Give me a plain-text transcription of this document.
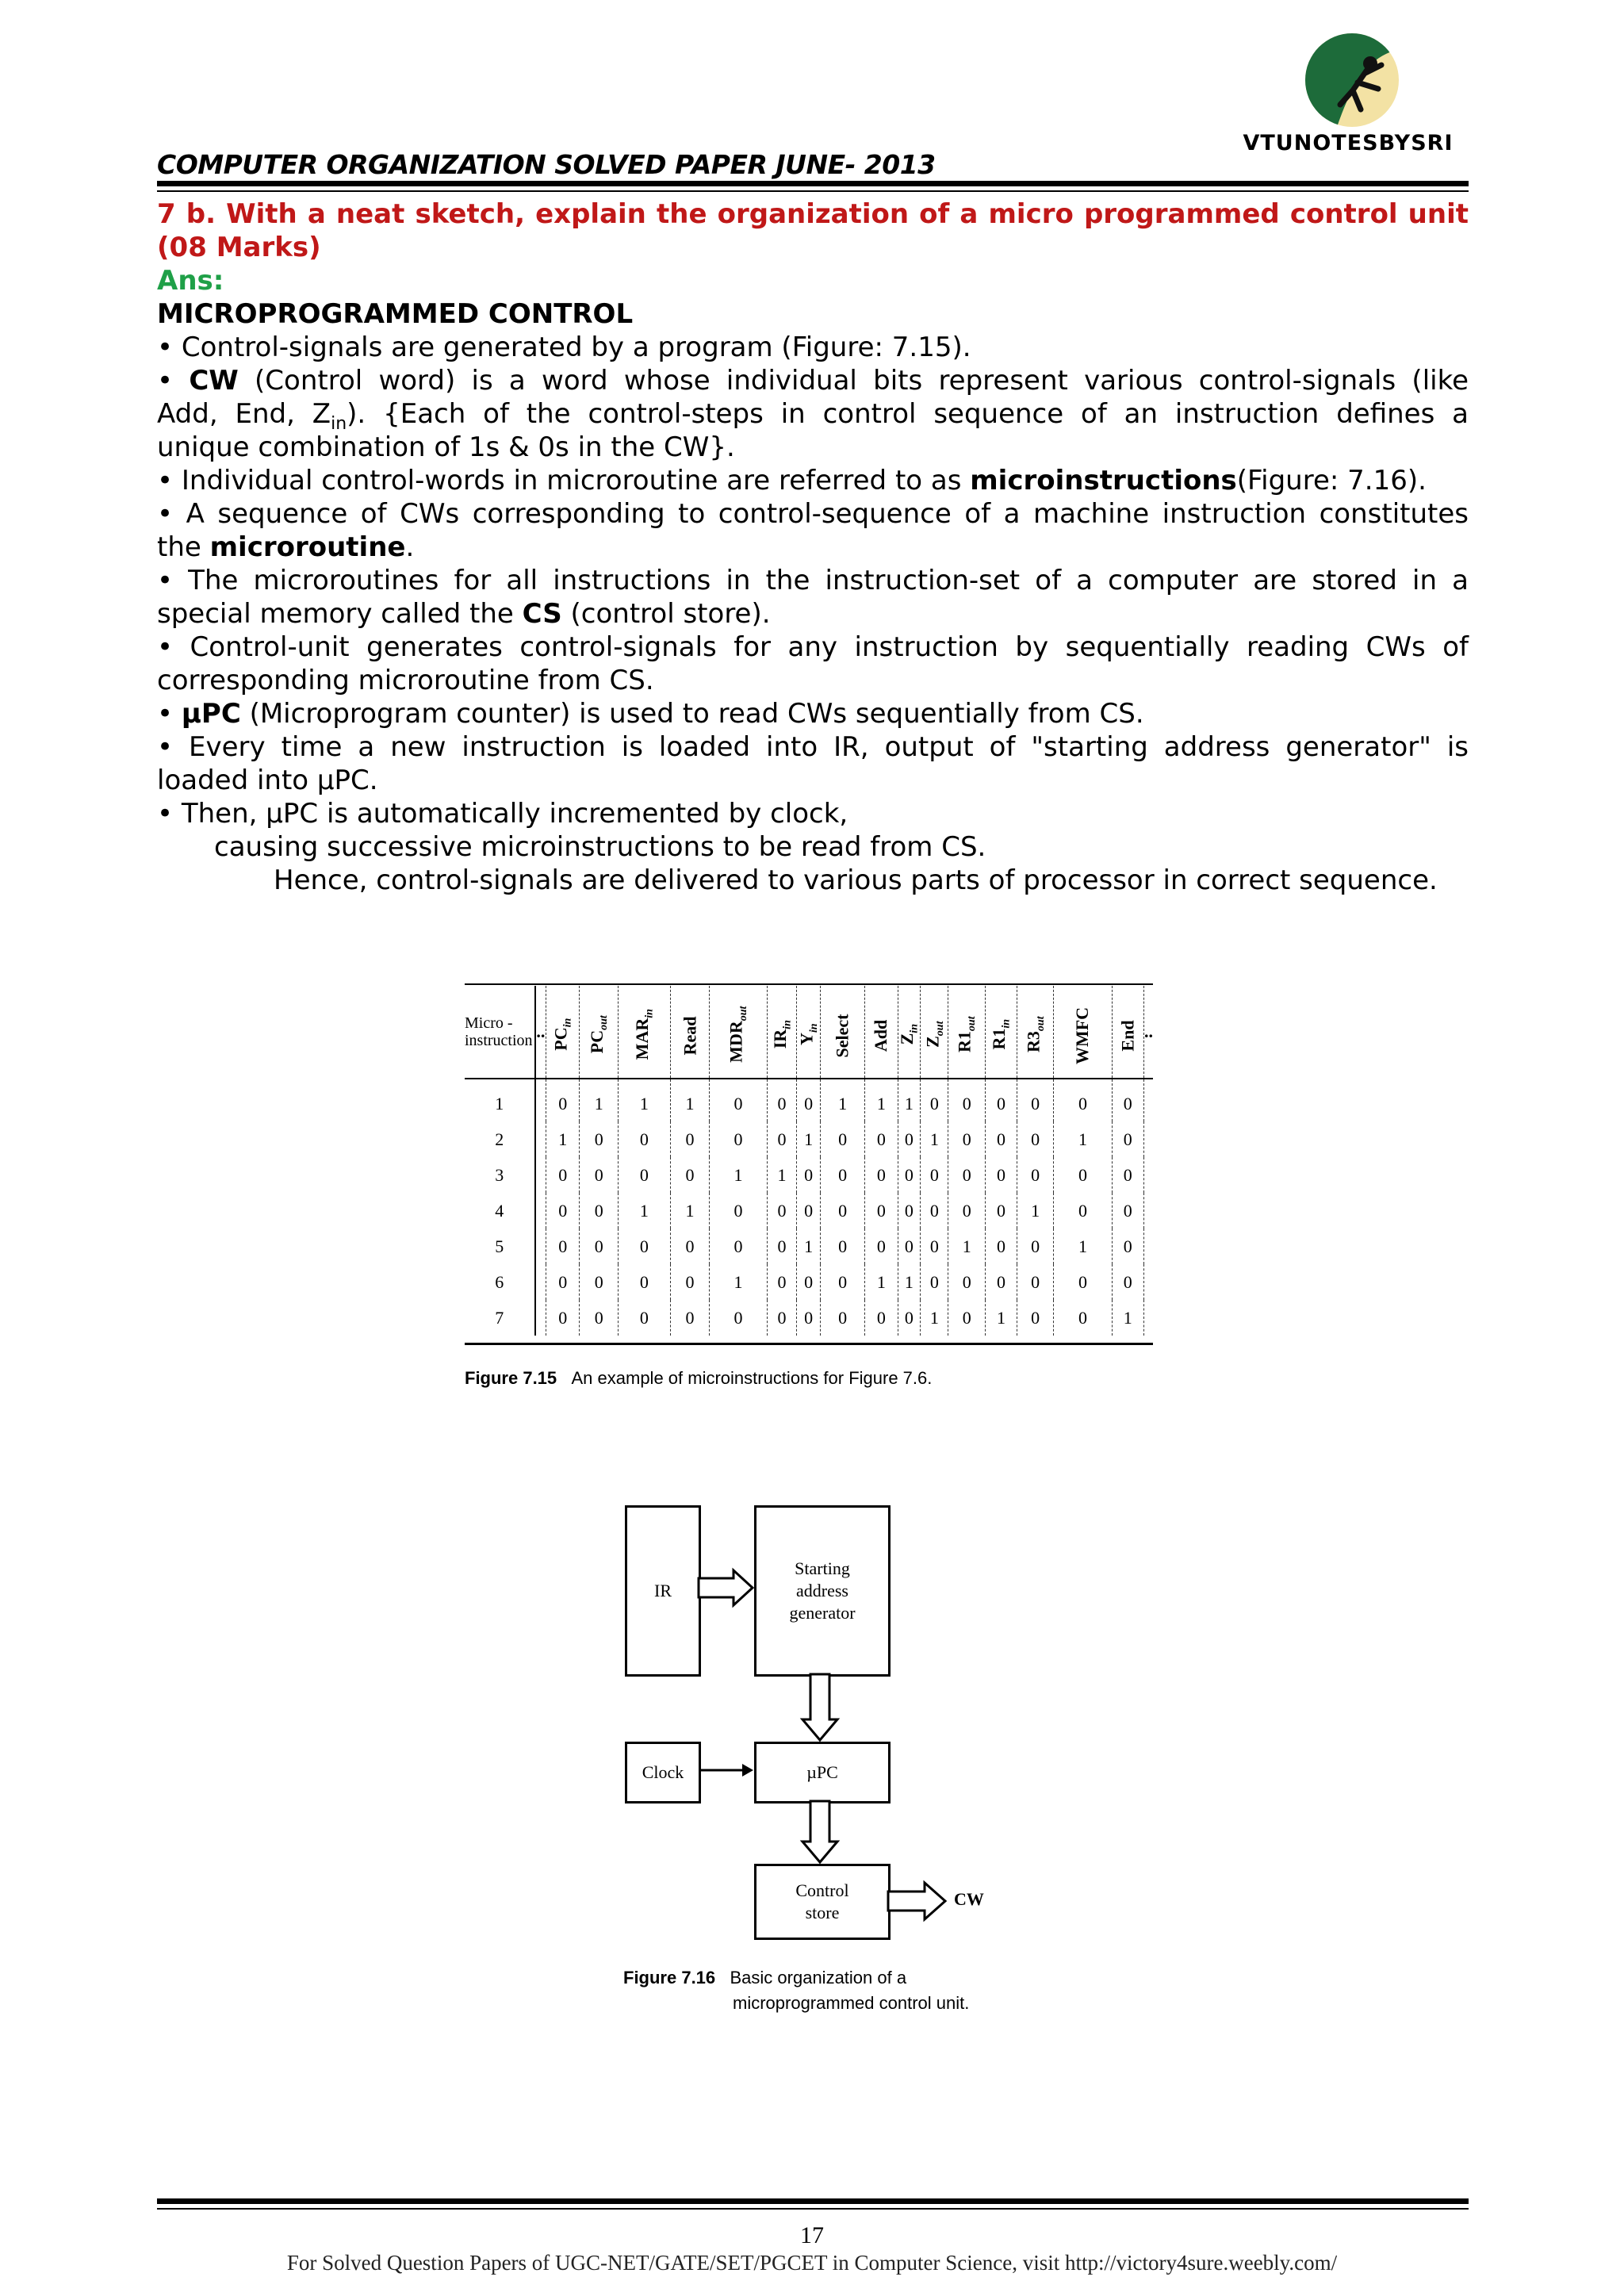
VTUNOTESBYSRI
COMPUTER ORGANIZATION SOLVED PAPER JUNE- 2013
7 b. With a neat sketch, explain the organization of a micro programmed control unit
(08 Marks)
Ans:
MICROPROGRAMMED CONTROL
• Control-signals are generated by a program (Figure: 7.15).
• CW (Control word) is a word whose individual bits represent various control-signals (like
Add, End, $Z_{in}$). {Each of the control-steps in control sequence of an instruction defines a
unique combination of 1s & 0s in the CW}.
• Individual control-words in microroutine are referred to as microinstructions(Figure: 7.16).
• A sequence of CWs corresponding to control-sequence of a machine instruction constitutes
the microroutine.
• The microroutines for all instructions in the instruction-set of a computer are stored in a
special memory called the CS (control store).
• Control-unit generates control-signals for any instruction by sequentially reading CWs of
corresponding microroutine from CS.
• µPC (Microprogram counter) is used to read CWs sequentially from CS.
• Every time a new instruction is loaded into IR, output of "starting address generator" is
loaded into µPC.
• Then, µPC is automatically incremented by clock,
causing successive microinstructions to be read from CS.
Hence, control-signals are delivered to various parts of processor in correct sequence.
Micro -
instruction	..	$PC_{in}$	$PC_{out}$	$MAR_{in}$	Read	$MDR_{out}$	$IR_{in}$	$Y_{in}$	Select	Add	$Z_{in}$	$Z_{out}$	$R1_{out}$	$R1_{in}$	$R3_{out}$	WMFC	End	..
1		0	1	1	1	0	0	0	1	1	1	0	0	0	0	0	0	
2		1	0	0	0	0	0	1	0	0	0	1	0	0	0	1	0	
3		0	0	0	0	1	1	0	0	0	0	0	0	0	0	0	0	
4		0	0	1	1	0	0	0	0	0	0	0	0	0	1	0	0	
5		0	0	0	0	0	0	1	0	0	0	0	1	0	0	1	0	
6		0	0	0	0	1	0	0	0	1	1	0	0	0	0	0	0	
7		0	0	0	0	0	0	0	0	0	0	1	0	1	0	0	1	
Figure 7.15 An example of microinstructions for Figure 7.6.
IR
Starting
address
generator
Clock	µPC
Control
store
CW
Figure 7.16 Basic organization of a
microprogrammed control unit.
17
For Solved Question Papers of UGC-NET/GATE/SET/PGCET in Computer Science, visit http://victory4sure.weebly.com/
